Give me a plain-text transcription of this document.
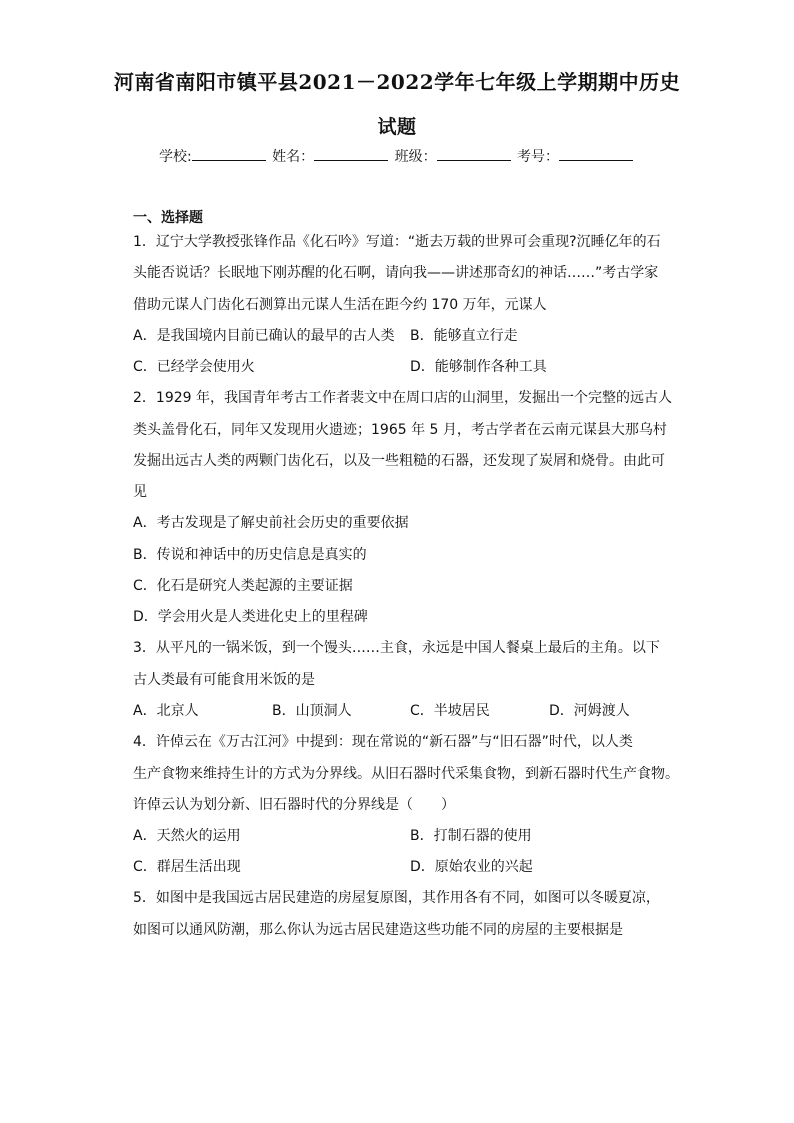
河南省南阳市镇平县2021－2022学年七年级上学期期中历史
试题
学校:	姓名：	班级：	考号：
一、选择题
1．辽宁大学教授张锋作品《化石吟》写道：“逝去万载的世界可会重现?沉睡亿年的石
头能否说话？长眠地下刚苏醒的化石啊，请向我——讲述那奇幻的神话……”考古学家
借助元谋人门齿化石测算出元谋人生活在距今约 170 万年，元谋人
A．是我国境内目前已确认的最早的古人类 B．能够直立行走
C．已经学会使用火	D．能够制作各种工具
2．1929 年，我国青年考古工作者裴文中在周口店的山洞里，发掘出一个完整的远古人
类头盖骨化石，同年又发现用火遗迹；1965 年 5 月，考古学者在云南元谋县大那乌村
发掘出远古人类的两颗门齿化石，以及一些粗糙的石器，还发现了炭屑和烧骨。由此可
见
A．考古发现是了解史前社会历史的重要依据
B．传说和神话中的历史信息是真实的
C．化石是研究人类起源的主要证据
D．学会用火是人类进化史上的里程碑
3．从平凡的一锅米饭，到一个馒头……主食，永远是中国人餐桌上最后的主角。以下
古人类最有可能食用米饭的是
A．北京人	B．山顶洞人	C．半坡居民	D．河姆渡人
4．许倬云在《万古江河》中提到：现在常说的“新石器”与“旧石器”时代，以人类
生产食物来维持生计的方式为分界线。从旧石器时代采集食物，到新石器时代生产食物。
许倬云认为划分新、旧石器时代的分界线是（　　）
A．天然火的运用	B．打制石器的使用
C．群居生活出现	D．原始农业的兴起
5．如图中是我国远古居民建造的房屋复原图，其作用各有不同，如图可以冬暖夏凉，
如图可以通风防潮，那么你认为远古居民建造这些功能不同的房屋的主要根据是
